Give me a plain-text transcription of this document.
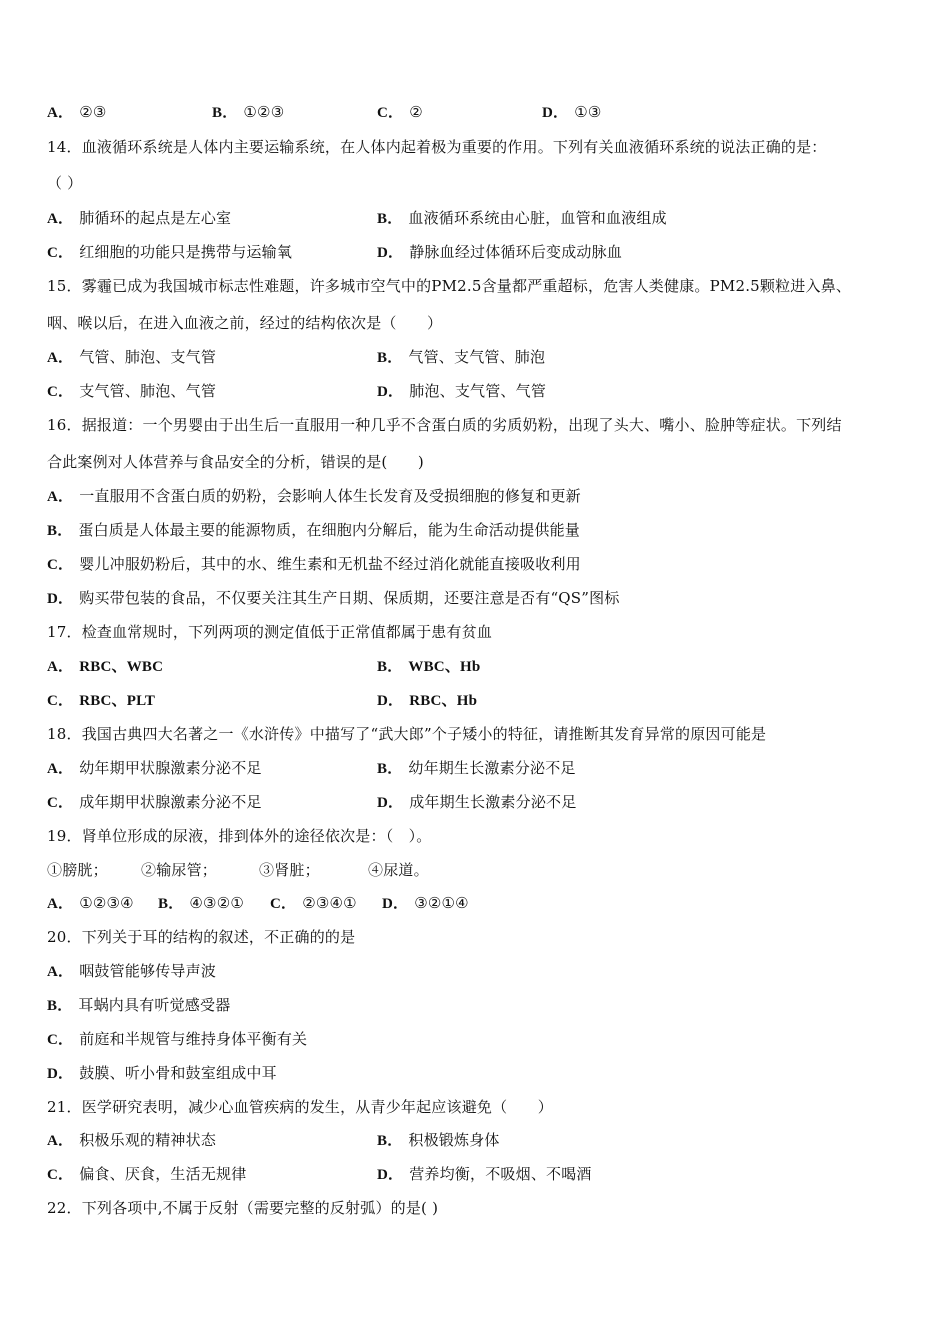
A． ②③	B． ①②③	C． ②	D． ①③
14．血液循环系统是人体内主要运输系统，在人体内起着极为重要的作用。下列有关血液循环系统的说法正确的是：
（ ）
A． 肺循环的起点是左心室	B． 血液循环系统由心脏，血管和血液组成
C． 红细胞的功能只是携带与运输氧	D． 静脉血经过体循环后变成动脉血
15．雾霾已成为我国城市标志性难题，许多城市空气中的PM2.5含量都严重超标，危害人类健康。PM2.5颗粒进入鼻、
咽、喉以后，在进入血液之前，经过的结构依次是（　　）
A． 气管、肺泡、支气管	B． 气管、支气管、肺泡
C． 支气管、肺泡、气管	D． 肺泡、支气管、气管
16．据报道：一个男婴由于出生后一直服用一种几乎不含蛋白质的劣质奶粉，出现了头大、嘴小、脸肿等症状。下列结
合此案例对人体营养与食品安全的分析，错误的是(　　)
A． 一直服用不含蛋白质的奶粉，会影响人体生长发育及受损细胞的修复和更新
B． 蛋白质是人体最主要的能源物质，在细胞内分解后，能为生命活动提供能量
C． 婴儿冲服奶粉后，其中的水、维生素和无机盐不经过消化就能直接吸收利用
D． 购买带包装的食品，不仅要关注其生产日期、保质期，还要注意是否有“QS”图标
17．检查血常规时，下列两项的测定值低于正常值都属于患有贫血
A． RBC、WBC	B． WBC、Hb
C． RBC、PLT	D． RBC、Hb
18．我国古典四大名著之一《水浒传》中描写了“武大郎”个子矮小的特征，请推断其发育异常的原因可能是
A． 幼年期甲状腺激素分泌不足	B． 幼年期生长激素分泌不足
C． 成年期甲状腺激素分泌不足	D． 成年期生长激素分泌不足
19．肾单位形成的尿液，排到体外的途径依次是：（　）。
①膀胱； ②输尿管；	③肾脏；	④尿道。
A． ①②③④ B． ④③②① C． ②③④① D． ③②①④
20．下列关于耳的结构的叙述，不正确的的是
A． 咽鼓管能够传导声波
B． 耳蜗内具有听觉感受器
C． 前庭和半规管与维持身体平衡有关
D． 鼓膜、听小骨和鼓室组成中耳
21．医学研究表明，减少心血管疾病的发生，从青少年起应该避免（　　）
A． 积极乐观的精神状态	B． 积极锻炼身体
C． 偏食、厌食，生活无规律	D． 营养均衡，不吸烟、不喝酒
22．下列各项中,不属于反射（需要完整的反射弧）的是( )
